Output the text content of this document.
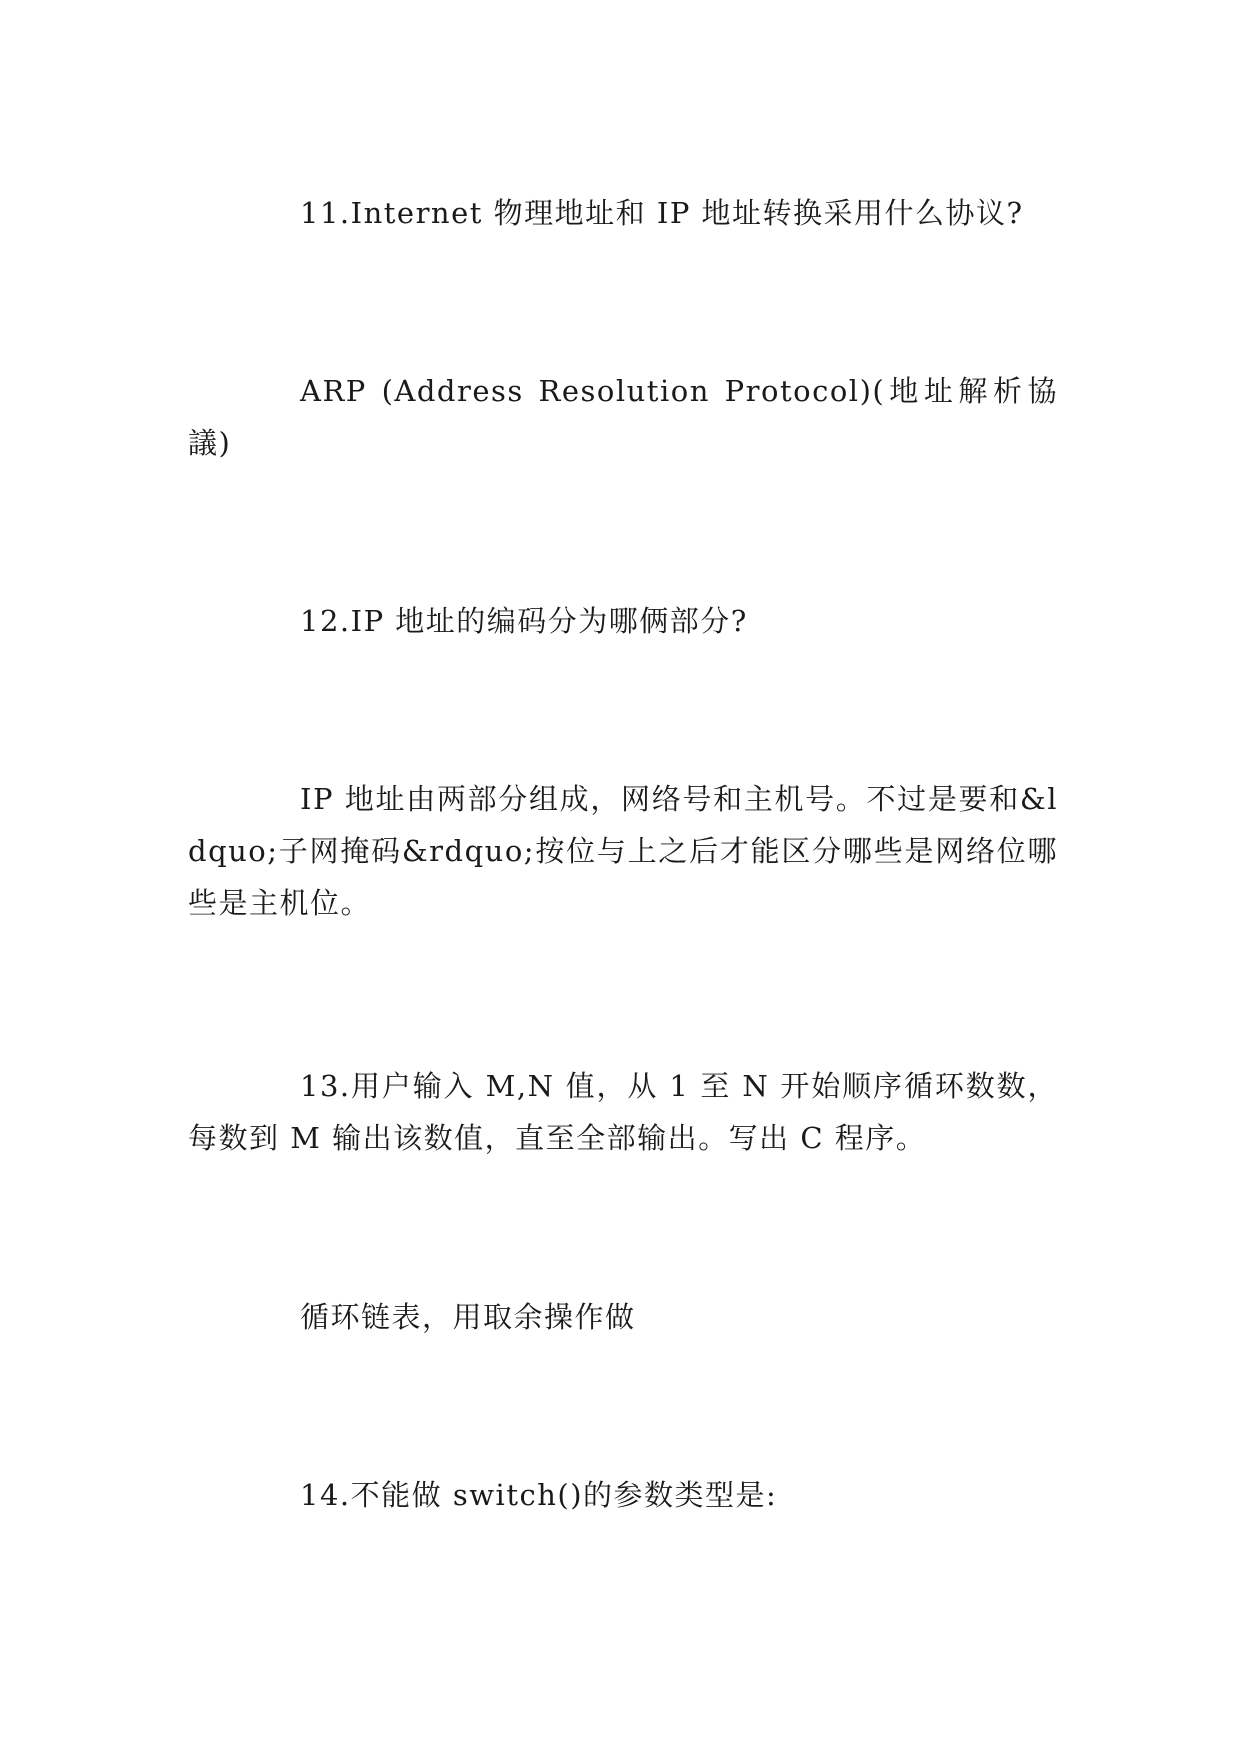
11.Internet 物理地址和 IP 地址转换采用什么协议?

ARP (Address Resolution Protocol)(地址解析協議)

12.IP 地址的编码分为哪俩部分?

IP 地址由两部分组成，网络号和主机号。不过是要和&ldquo;子网掩码&rdquo;按位与上之后才能区分哪些是网络位哪些是主机位。

13.用户输入 M,N 值，从 1 至 N 开始顺序循环数数，每数到 M 输出该数值，直至全部输出。写出 C 程序。

循环链表，用取余操作做

14.不能做 switch()的参数类型是:
